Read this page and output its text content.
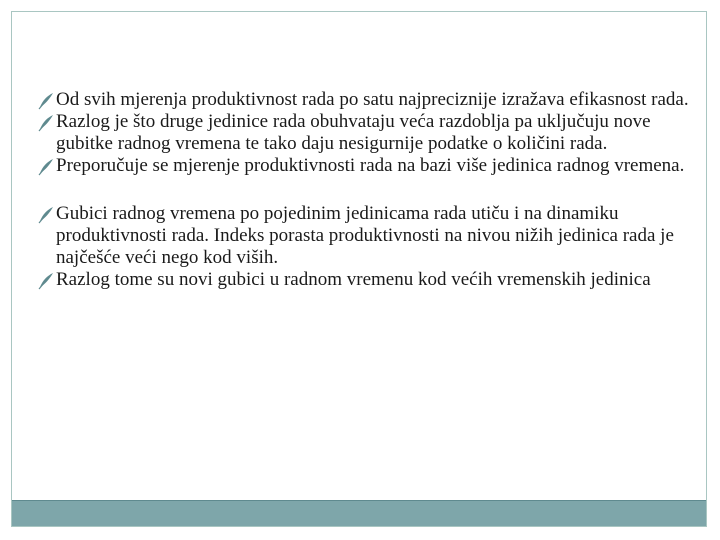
Od svih mjerenja produktivnost rada po satu najpreciznije izražava efikasnost rada.
Razlog je što druge jedinice rada obuhvataju veća razdoblja pa uključuju nove gubitke radnog vremena te tako daju nesigurnije podatke o količini rada.
Preporučuje se mjerenje produktivnosti rada na bazi više jedinica radnog vremena.
Gubici radnog vremena po pojedinim jedinicama rada utiču i na dinamiku produktivnosti rada. Indeks porasta produktivnosti na nivou nižih jedinica rada je najčešće veći nego kod viših.
Razlog tome su novi gubici u radnom vremenu kod većih vremenskih jedinica
